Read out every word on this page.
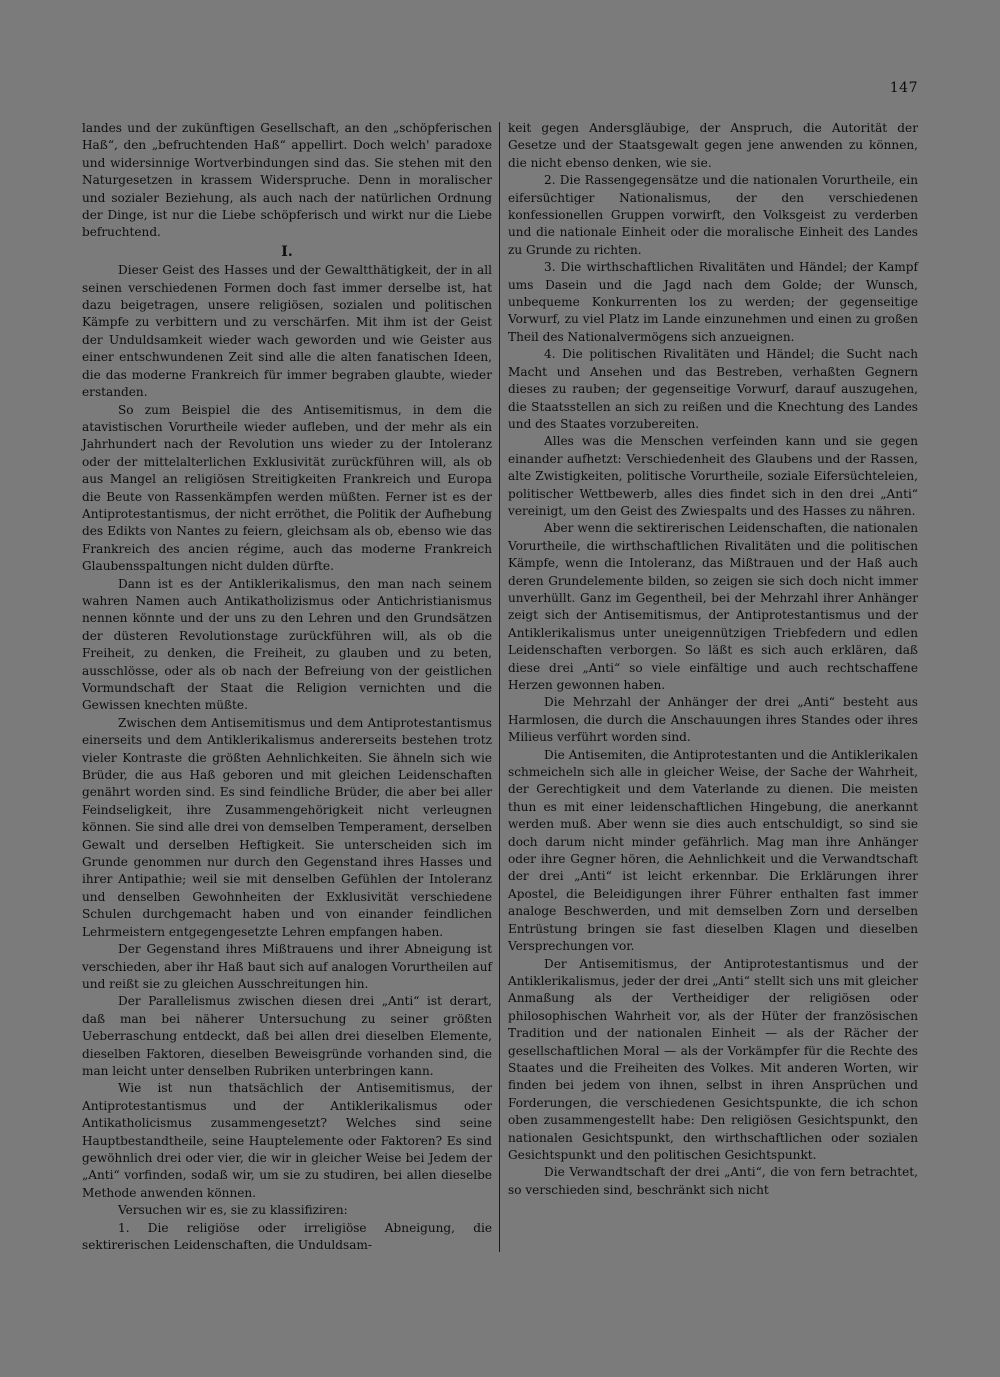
147

landes und der zukünftigen Gesellschaft, an den „schöpferischen Haß“, den „befruchtenden Haß“ appellirt. Doch welch' paradoxe und widersinnige Wortverbindungen sind das. Sie stehen mit den Naturgesetzen in krassem Widerspruche. Denn in moralischer und sozialer Beziehung, als auch nach der natürlichen Ordnung der Dinge, ist nur die Liebe schöpferisch und wirkt nur die Liebe befruchtend.

I.

Dieser Geist des Hasses und der Gewaltthätigkeit, der in all seinen verschiedenen Formen doch fast immer derselbe ist, hat dazu beigetragen, unsere religiösen, sozialen und politischen Kämpfe zu verbittern und zu verschärfen. Mit ihm ist der Geist der Unduldsamkeit wieder wach geworden und wie Geister aus einer entschwundenen Zeit sind alle die alten fanatischen Ideen, die das moderne Frankreich für immer begraben glaubte, wieder erstanden.

So zum Beispiel die des Antisemitismus, in dem die atavistischen Vorurtheile wieder aufleben, und der mehr als ein Jahrhundert nach der Revolution uns wieder zu der Intoleranz oder der mittelalterlichen Exklusivität zurückführen will, als ob aus Mangel an religiösen Streitigkeiten Frankreich und Europa die Beute von Rassenkämpfen werden müßten. Ferner ist es der Antiprotestantismus, der nicht erröthet, die Politik der Aufhebung des Edikts von Nantes zu feiern, gleichsam als ob, ebenso wie das Frankreich des ancien régime, auch das moderne Frankreich Glaubensspaltungen nicht dulden dürfte.

Dann ist es der Antiklerikalismus, den man nach seinem wahren Namen auch Antikatholizismus oder Antichristianismus nennen könnte und der uns zu den Lehren und den Grundsätzen der düsteren Revolutionstage zurückführen will, als ob die Freiheit, zu denken, die Freiheit, zu glauben und zu beten, ausschlösse, oder als ob nach der Befreiung von der geistlichen Vormundschaft der Staat die Religion vernichten und die Gewissen knechten müßte.

Zwischen dem Antisemitismus und dem Antiprotestantismus einerseits und dem Antiklerikalismus andererseits bestehen trotz vieler Kontraste die größten Aehnlichkeiten. Sie ähneln sich wie Brüder, die aus Haß geboren und mit gleichen Leidenschaften genährt worden sind. Es sind feindliche Brüder, die aber bei aller Feindseligkeit, ihre Zusammengehörigkeit nicht verleugnen können. Sie sind alle drei von demselben Temperament, derselben Gewalt und derselben Heftigkeit. Sie unterscheiden sich im Grunde genommen nur durch den Gegenstand ihres Hasses und ihrer Antipathie; weil sie mit denselben Gefühlen der Intoleranz und denselben Gewohnheiten der Exklusivität verschiedene Schulen durchgemacht haben und von einander feindlichen Lehrmeistern entgegengesetzte Lehren empfangen haben.

Der Gegenstand ihres Mißtrauens und ihrer Abneigung ist verschieden, aber ihr Haß baut sich auf analogen Vorurtheilen auf und reißt sie zu gleichen Ausschreitungen hin.

Der Parallelismus zwischen diesen drei „Anti“ ist derart, daß man bei näherer Untersuchung zu seiner größten Ueberraschung entdeckt, daß bei allen drei dieselben Elemente, dieselben Faktoren, dieselben Beweisgründe vorhanden sind, die man leicht unter denselben Rubriken unterbringen kann.

Wie ist nun thatsächlich der Antisemitismus, der Antiprotestantismus und der Antiklerikalismus oder Antikatholicismus zusammengesetzt? Welches sind seine Hauptbestandtheile, seine Hauptelemente oder Faktoren? Es sind gewöhnlich drei oder vier, die wir in gleicher Weise bei Jedem der „Anti“ vorfinden, sodaß wir, um sie zu studiren, bei allen dieselbe Methode anwenden können.

Versuchen wir es, sie zu klassifiziren:

1. Die religiöse oder irreligiöse Abneigung, die sektirerischen Leidenschaften, die Unduldsam-

keit gegen Andersgläubige, der Anspruch, die Autorität der Gesetze und der Staatsgewalt gegen jene anwenden zu können, die nicht ebenso denken, wie sie.

2. Die Rassengegensätze und die nationalen Vorurtheile, ein eifersüchtiger Nationalismus, der den verschiedenen konfessionellen Gruppen vorwirft, den Volksgeist zu verderben und die nationale Einheit oder die moralische Einheit des Landes zu Grunde zu richten.

3. Die wirthschaftlichen Rivalitäten und Händel; der Kampf ums Dasein und die Jagd nach dem Golde; der Wunsch, unbequeme Konkurrenten los zu werden; der gegenseitige Vorwurf, zu viel Platz im Lande einzunehmen und einen zu großen Theil des Nationalvermögens sich anzueignen.

4. Die politischen Rivalitäten und Händel; die Sucht nach Macht und Ansehen und das Bestreben, verhaßten Gegnern dieses zu rauben; der gegenseitige Vorwurf, darauf auszugehen, die Staatsstellen an sich zu reißen und die Knechtung des Landes und des Staates vorzubereiten.

Alles was die Menschen verfeinden kann und sie gegen einander aufhetzt: Verschiedenheit des Glaubens und der Rassen, alte Zwistigkeiten, politische Vorurtheile, soziale Eifersüchteleien, politischer Wettbewerb, alles dies findet sich in den drei „Anti“ vereinigt, um den Geist des Zwiespalts und des Hasses zu nähren.

Aber wenn die sektirerischen Leidenschaften, die nationalen Vorurtheile, die wirthschaftlichen Rivalitäten und die politischen Kämpfe, wenn die Intoleranz, das Mißtrauen und der Haß auch deren Grundelemente bilden, so zeigen sie sich doch nicht immer unverhüllt. Ganz im Gegentheil, bei der Mehrzahl ihrer Anhänger zeigt sich der Antisemitismus, der Antiprotestantismus und der Antiklerikalismus unter uneigennützigen Triebfedern und edlen Leidenschaften verborgen. So läßt es sich auch erklären, daß diese drei „Anti“ so viele einfältige und auch rechtschaffene Herzen gewonnen haben.

Die Mehrzahl der Anhänger der drei „Anti“ besteht aus Harmlosen, die durch die Anschauungen ihres Standes oder ihres Milieus verführt worden sind.

Die Antisemiten, die Antiprotestanten und die Antiklerikalen schmeicheln sich alle in gleicher Weise, der Sache der Wahrheit, der Gerechtigkeit und dem Vaterlande zu dienen. Die meisten thun es mit einer leidenschaftlichen Hingebung, die anerkannt werden muß. Aber wenn sie dies auch entschuldigt, so sind sie doch darum nicht minder gefährlich. Mag man ihre Anhänger oder ihre Gegner hören, die Aehnlichkeit und die Verwandtschaft der drei „Anti“ ist leicht erkennbar. Die Erklärungen ihrer Apostel, die Beleidigungen ihrer Führer enthalten fast immer analoge Beschwerden, und mit demselben Zorn und derselben Entrüstung bringen sie fast dieselben Klagen und dieselben Versprechungen vor.

Der Antisemitismus, der Antiprotestantismus und der Antiklerikalismus, jeder der drei „Anti“ stellt sich uns mit gleicher Anmaßung als der Vertheidiger der religiösen oder philosophischen Wahrheit vor, als der Hüter der französischen Tradition und der nationalen Einheit — als der Rächer der gesellschaftlichen Moral — als der Vorkämpfer für die Rechte des Staates und die Freiheiten des Volkes. Mit anderen Worten, wir finden bei jedem von ihnen, selbst in ihren Ansprüchen und Forderungen, die verschiedenen Gesichtspunkte, die ich schon oben zusammengestellt habe: Den religiösen Gesichtspunkt, den nationalen Gesichtspunkt, den wirthschaftlichen oder sozialen Gesichtspunkt und den politischen Gesichtspunkt.

Die Verwandtschaft der drei „Anti“, die von fern betrachtet, so verschieden sind, beschränkt sich nicht
